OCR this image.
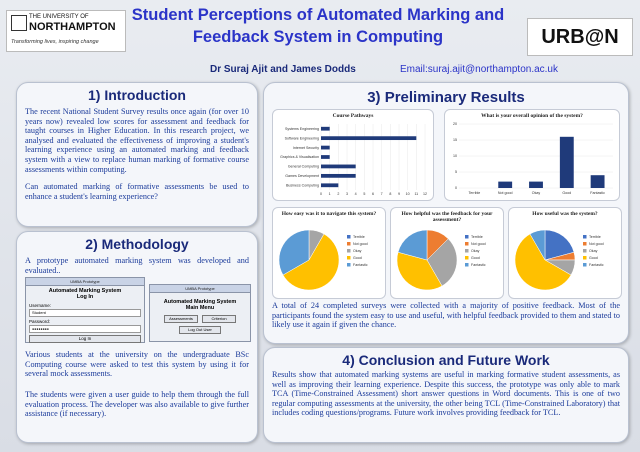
THE UNIVERSITY OF
NORTHAMPTON
Transforming lives, inspiring change
Student Perceptions of Automated Marking and Feedback System in Computing	URB@N
Dr Suraj Ajit and James Dodds	Email:suraj.ajit@northampton.ac.uk
1) Introduction
The recent National Student Survey results once again (for over 10 years now) revealed low scores for assessment and feedback for taught courses in Higher Education. In this research project, we analysed and evaluated the effectiveness of improving a student's learning experience using an automated marking and feedback system with a view to replace human marking of formative course assessments within computing.
Can automated marking of formative assessments be used to enhance a student's learning experience?
2) Methodology
A prototype automated marking system was developed and evaluated..
UMBA Prototype
Automated Marking System
Log In
Username:
Student
Password:
●●●●●●●●
Log In
UMBA Prototype
Automated Marking System
Main Menu
Assessments	Criterion
Log Out User
Various students at the university on the undergraduate BSc Computing course were asked to test this system by using it for several mock assessments.
The students were given a user guide to help them through the full evaluation process. The developer was also available to give further assistance (if necessary).
3) Preliminary Results
Course Pathways
0 1 2 3 4 5 6 7 8 9 10 11 12
Systems Engineering
Software Engineering
Internet Security
Graphics & Visualisation
General Computing
Games Development
Business Computing
What is your overall opinion of the system?
0
5
10
15
20
Terrible	Not good	Okay	Good	Fantastic
How easy was it to navigate this system?
Terrible
Not good
Okay
Good
Fantastic
How helpful was the feedback for your assessment?
Terrible
Not good
Okay
Good
Fantastic
How useful was the system?
Terrible
Not good
Okay
Good
Fantastic
A total of 24 completed surveys were collected with a majority of positive feedback. Most of the participants found the system easy to use and useful, with helpful feedback provided to them and stated to likely use it again if given the chance.
4) Conclusion and Future Work
Results show that automated marking systems are useful in marking formative student assessments, as well as improving their learning experience. Despite this success, the prototype was only able to mark TCA (Time-Constrained Assessment) short answer questions in Word documents. This is one of two regular computing assessments at the university, the other being TCL (Time-Constrained Laboratory) that includes coding questions/programs. Future work involves providing feedback for TCL.
